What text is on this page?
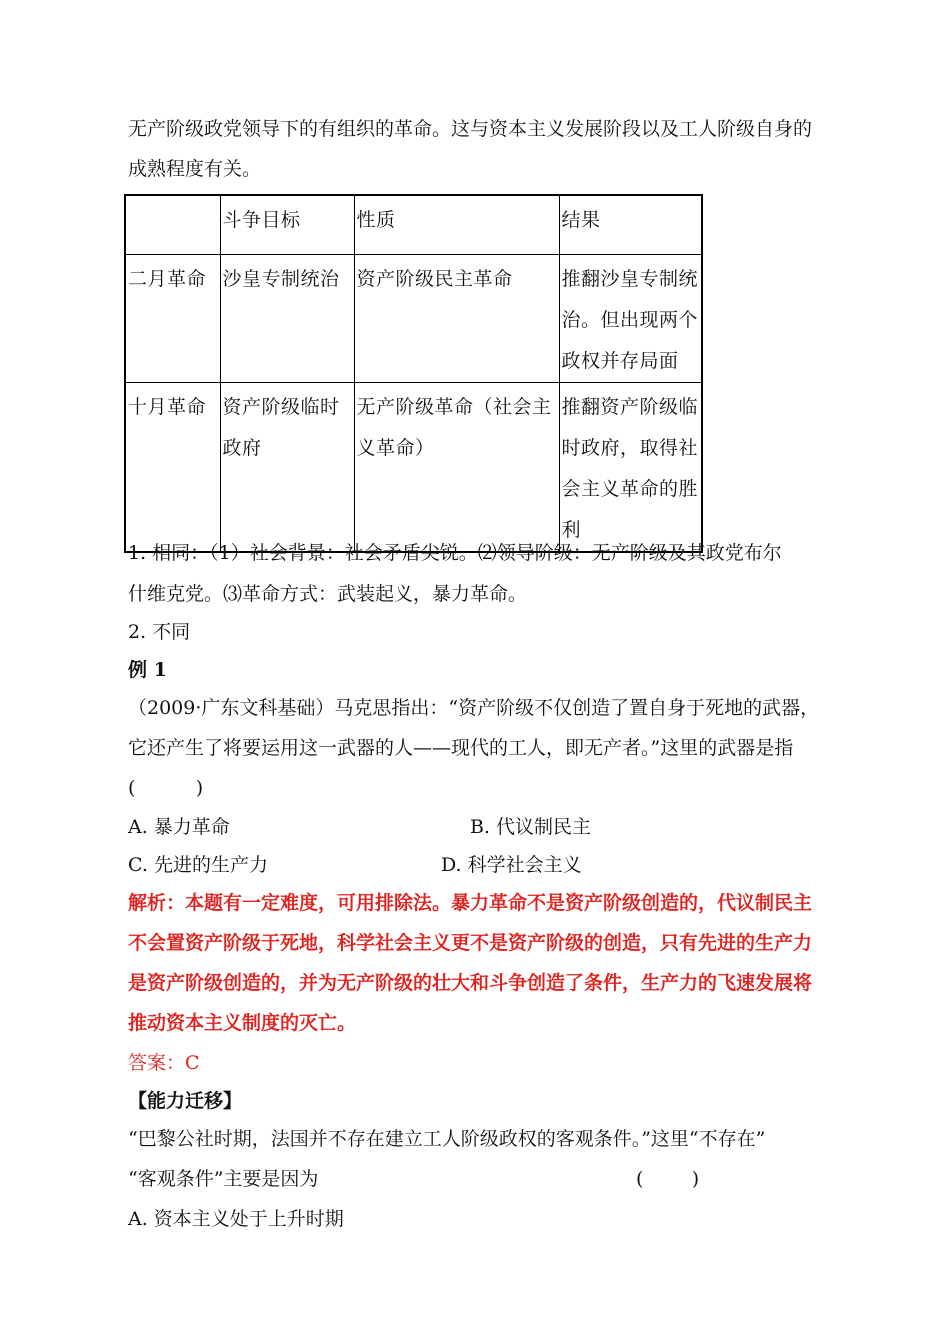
无产阶级政党领导下的有组织的革命。这与资本主义发展阶段以及工人阶级自身的
成熟程度有关。
	斗争目标	性质	结果
二月革命	沙皇专制统治	资产阶级民主革命	推翻沙皇专制统治。但出现两个政权并存局面
十月革命	资产阶级临时政府	无产阶级革命（社会主义革命）	推翻资产阶级临时政府，取得社会主义革命的胜利
1. 相同：（1）社会背景：社会矛盾尖锐。⑵领导阶级：无产阶级及其政党布尔
什维克党。⑶革命方式：武装起义，暴力革命。
2. 不同
例 1
（2009·广东文科基础）马克思指出：“资产阶级不仅创造了置自身于死地的武器，
它还产生了将要运用这一武器的人——现代的工人，即无产者。”这里的武器是指
(          )
A. 暴力革命	B. 代议制民主
C. 先进的生产力	D. 科学社会主义
解析：本题有一定难度，可用排除法。暴力革命不是资产阶级创造的，代议制民主
不会置资产阶级于死地，科学社会主义更不是资产阶级的创造，只有先进的生产力
是资产阶级创造的，并为无产阶级的壮大和斗争创造了条件，生产力的飞速发展将
推动资本主义制度的灭亡。
答案：C
【能力迁移】
“巴黎公社时期，法国并不存在建立工人阶级政权的客观条件。”这里“不存在”
“客观条件”主要是因为	(        )
A. 资本主义处于上升时期
